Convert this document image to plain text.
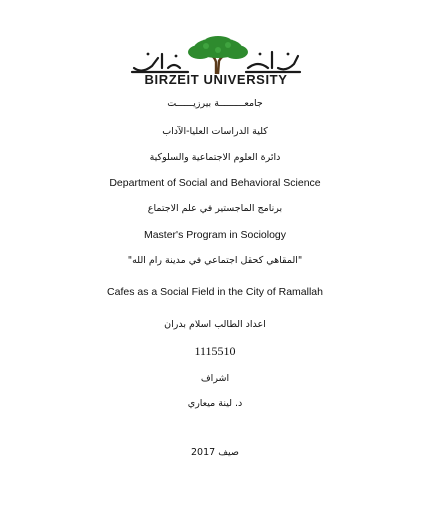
BIRZEIT UNIVERSITY
جامعـــــــــة بيرزيــــــت
كلية الدراسات العليا-الآداب
دائرة العلوم الاجتماعية والسلوكية
Department of Social and Behavioral Science
برنامج الماجستير في علم الاجتماع
Master's Program in Sociology
"المقاهي كحقل اجتماعي في مدينة رام الله"
Cafes as a Social Field in the City of Ramallah
اعداد الطالب اسلام بدران
1115510
اشراف
د. لينة ميعاري
صيف 2017
